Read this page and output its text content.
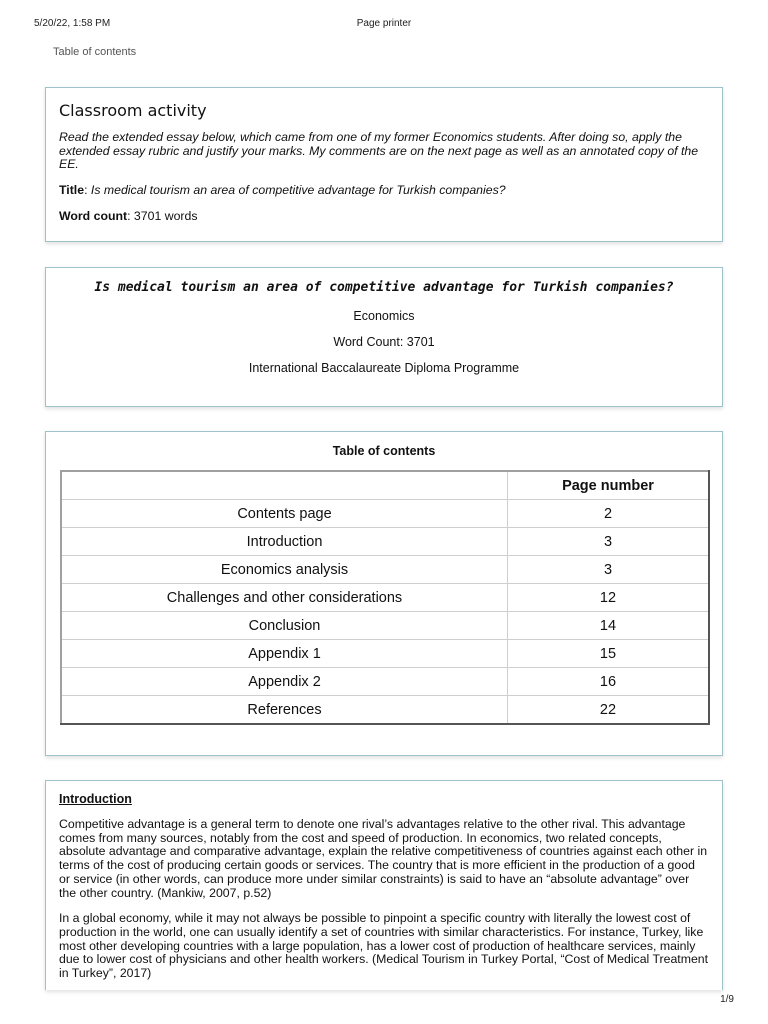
5/20/22, 1:58 PM	Page printer
Table of contents
Classroom activity

Read the extended essay below, which came from one of my former Economics students. After doing so, apply the extended essay rubric and justify your marks. My comments are on the next page as well as an annotated copy of the EE.

Title: Is medical tourism an area of competitive advantage for Turkish companies?

Word count: 3701 words

Is medical tourism an area of competitive advantage for Turkish companies?
Economics
Word Count: 3701
International Baccalaureate Diploma Programme
Table of contents
	Page number
Contents page	2
Introduction	3
Economics analysis	3
Challenges and other considerations	12
Conclusion	14
Appendix 1	15
Appendix 2	16
References	22
Introduction

Competitive advantage is a general term to denote one rival’s advantages relative to the other rival. This advantage comes from many sources, notably from the cost and speed of production. In economics, two related concepts, absolute advantage and comparative advantage, explain the relative competitiveness of countries against each other in terms of the cost of producing certain goods or services. The country that is more efficient in the production of a good or service (in other words, can produce more under similar constraints) is said to have an “absolute advantage” over the other country. (Mankiw, 2007, p.52)

In a global economy, while it may not always be possible to pinpoint a specific country with literally the lowest cost of production in the world, one can usually identify a set of countries with similar characteristics. For instance, Turkey, like most other developing countries with a large population, has a lower cost of production of healthcare services, mainly due to lower cost of physicians and other health workers. (Medical Tourism in Turkey Portal, “Cost of Medical Treatment in Turkey”, 2017)

1/9
